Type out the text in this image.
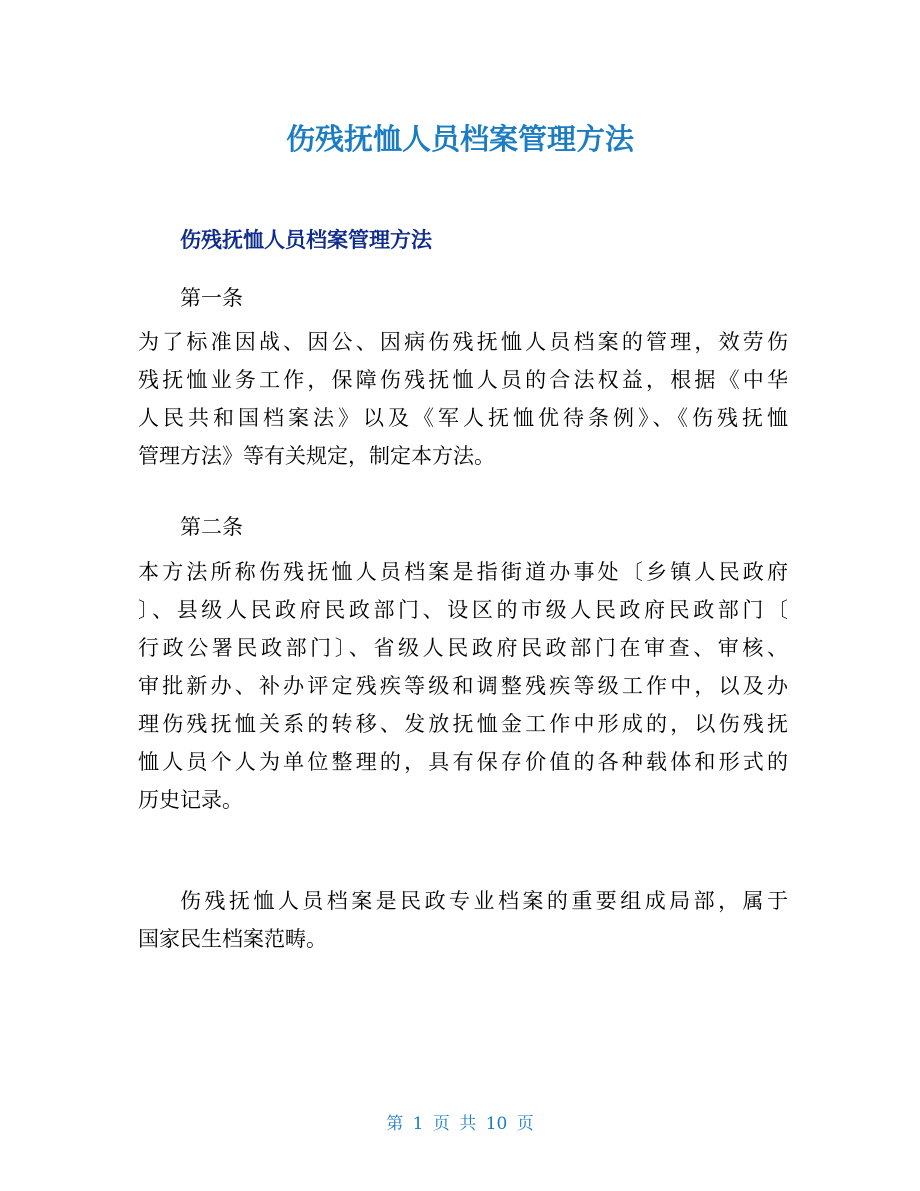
伤残抚恤人员档案管理方法
伤残抚恤人员档案管理方法

第一条

为了标准因战、因公、因病伤残抚恤人员档案的管理，效劳伤
残抚恤业务工作，保障伤残抚恤人员的合法权益，根据《中华
人民共和国档案法》以及《军人抚恤优待条例》、《伤残抚恤
管理方法》等有关规定，制定本方法。

第二条

本方法所称伤残抚恤人员档案是指街道办事处〔乡镇人民政府
〕、县级人民政府民政部门、设区的市级人民政府民政部门〔
行政公署民政部门〕、省级人民政府民政部门在审查、审核、
审批新办、补办评定残疾等级和调整残疾等级工作中，以及办
理伤残抚恤关系的转移、发放抚恤金工作中形成的，以伤残抚
恤人员个人为单位整理的，具有保存价值的各种载体和形式的
历史记录。
伤残抚恤人员档案是民政专业档案的重要组成局部，属于
国家民生档案范畴。

第 1 页 共 10 页
